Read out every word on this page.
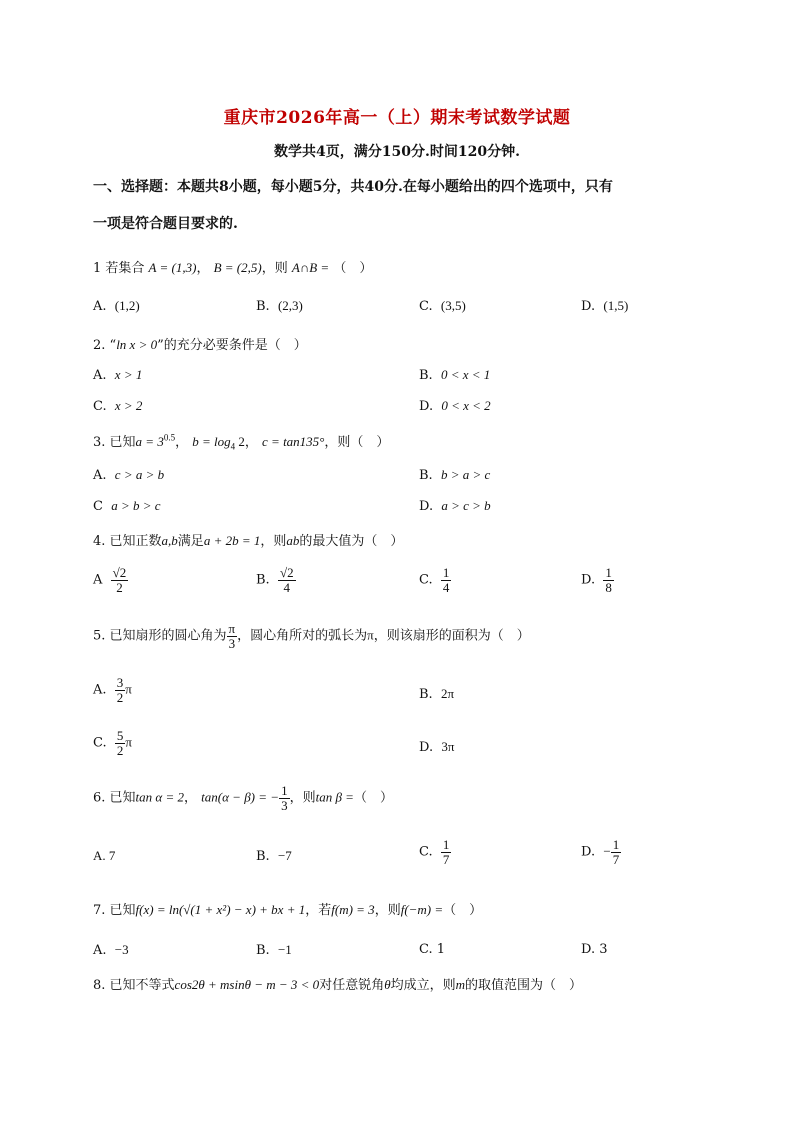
重庆市2026年高一（上）期末考试数学试题
数学共4页，满分150分.时间120分钟.
一、选择题：本题共8小题，每小题5分，共40分.在每小题给出的四个选项中，只有
一项是符合题目要求的.
1 若集合 A = (1,3)， B = (2,5)，则 A∩B = （　）
A. (1,2)	B. (2,3)	C. (3,5)	D. (1,5)
2. “ln x > 0”的充分必要条件是（　）
A. x > 1	B. 0 < x < 1
C. x > 2	D. 0 < x < 2
3. 已知$a = 3^{0.5}$， $b = \log_4 2$， c = tan135°，则（　）
A. c > a > b	B. b > a > c
C a > b > c	D. a > c > b
4. 已知正数a,b满足a + 2b = 1，则ab的最大值为（　）
A $\frac{√2}{2}$	B. $\frac{√2}{4}$	C. $\frac{1}{4}$	D. $\frac{1}{8}$
5. 已知扇形的圆心角为 $\frac{\pi}{3}$ ，圆心角所对的弧长为π，则该扇形的面积为（　）
A. $\frac{3}{2}$ π	B. 2π
C. $\frac{5}{2}$ π	D. 3π
6. 已知tan α = 2， tan(α − β) = − $\frac{1}{3}$ ，则tan β =（　）
A. 7	B. −7	C. $\frac{1}{7}$	D. − $\frac{1}{7}$
7. 已知f(x) = ln(√(1 + x²) − x) + bx + 1，若f(m) = 3，则f(−m) =（　）
A. −3	B. −1	C. 1	D. 3
8. 已知不等式cos2θ + msinθ − m − 3 < 0对任意锐角θ均成立，则m的取值范围为（　）
